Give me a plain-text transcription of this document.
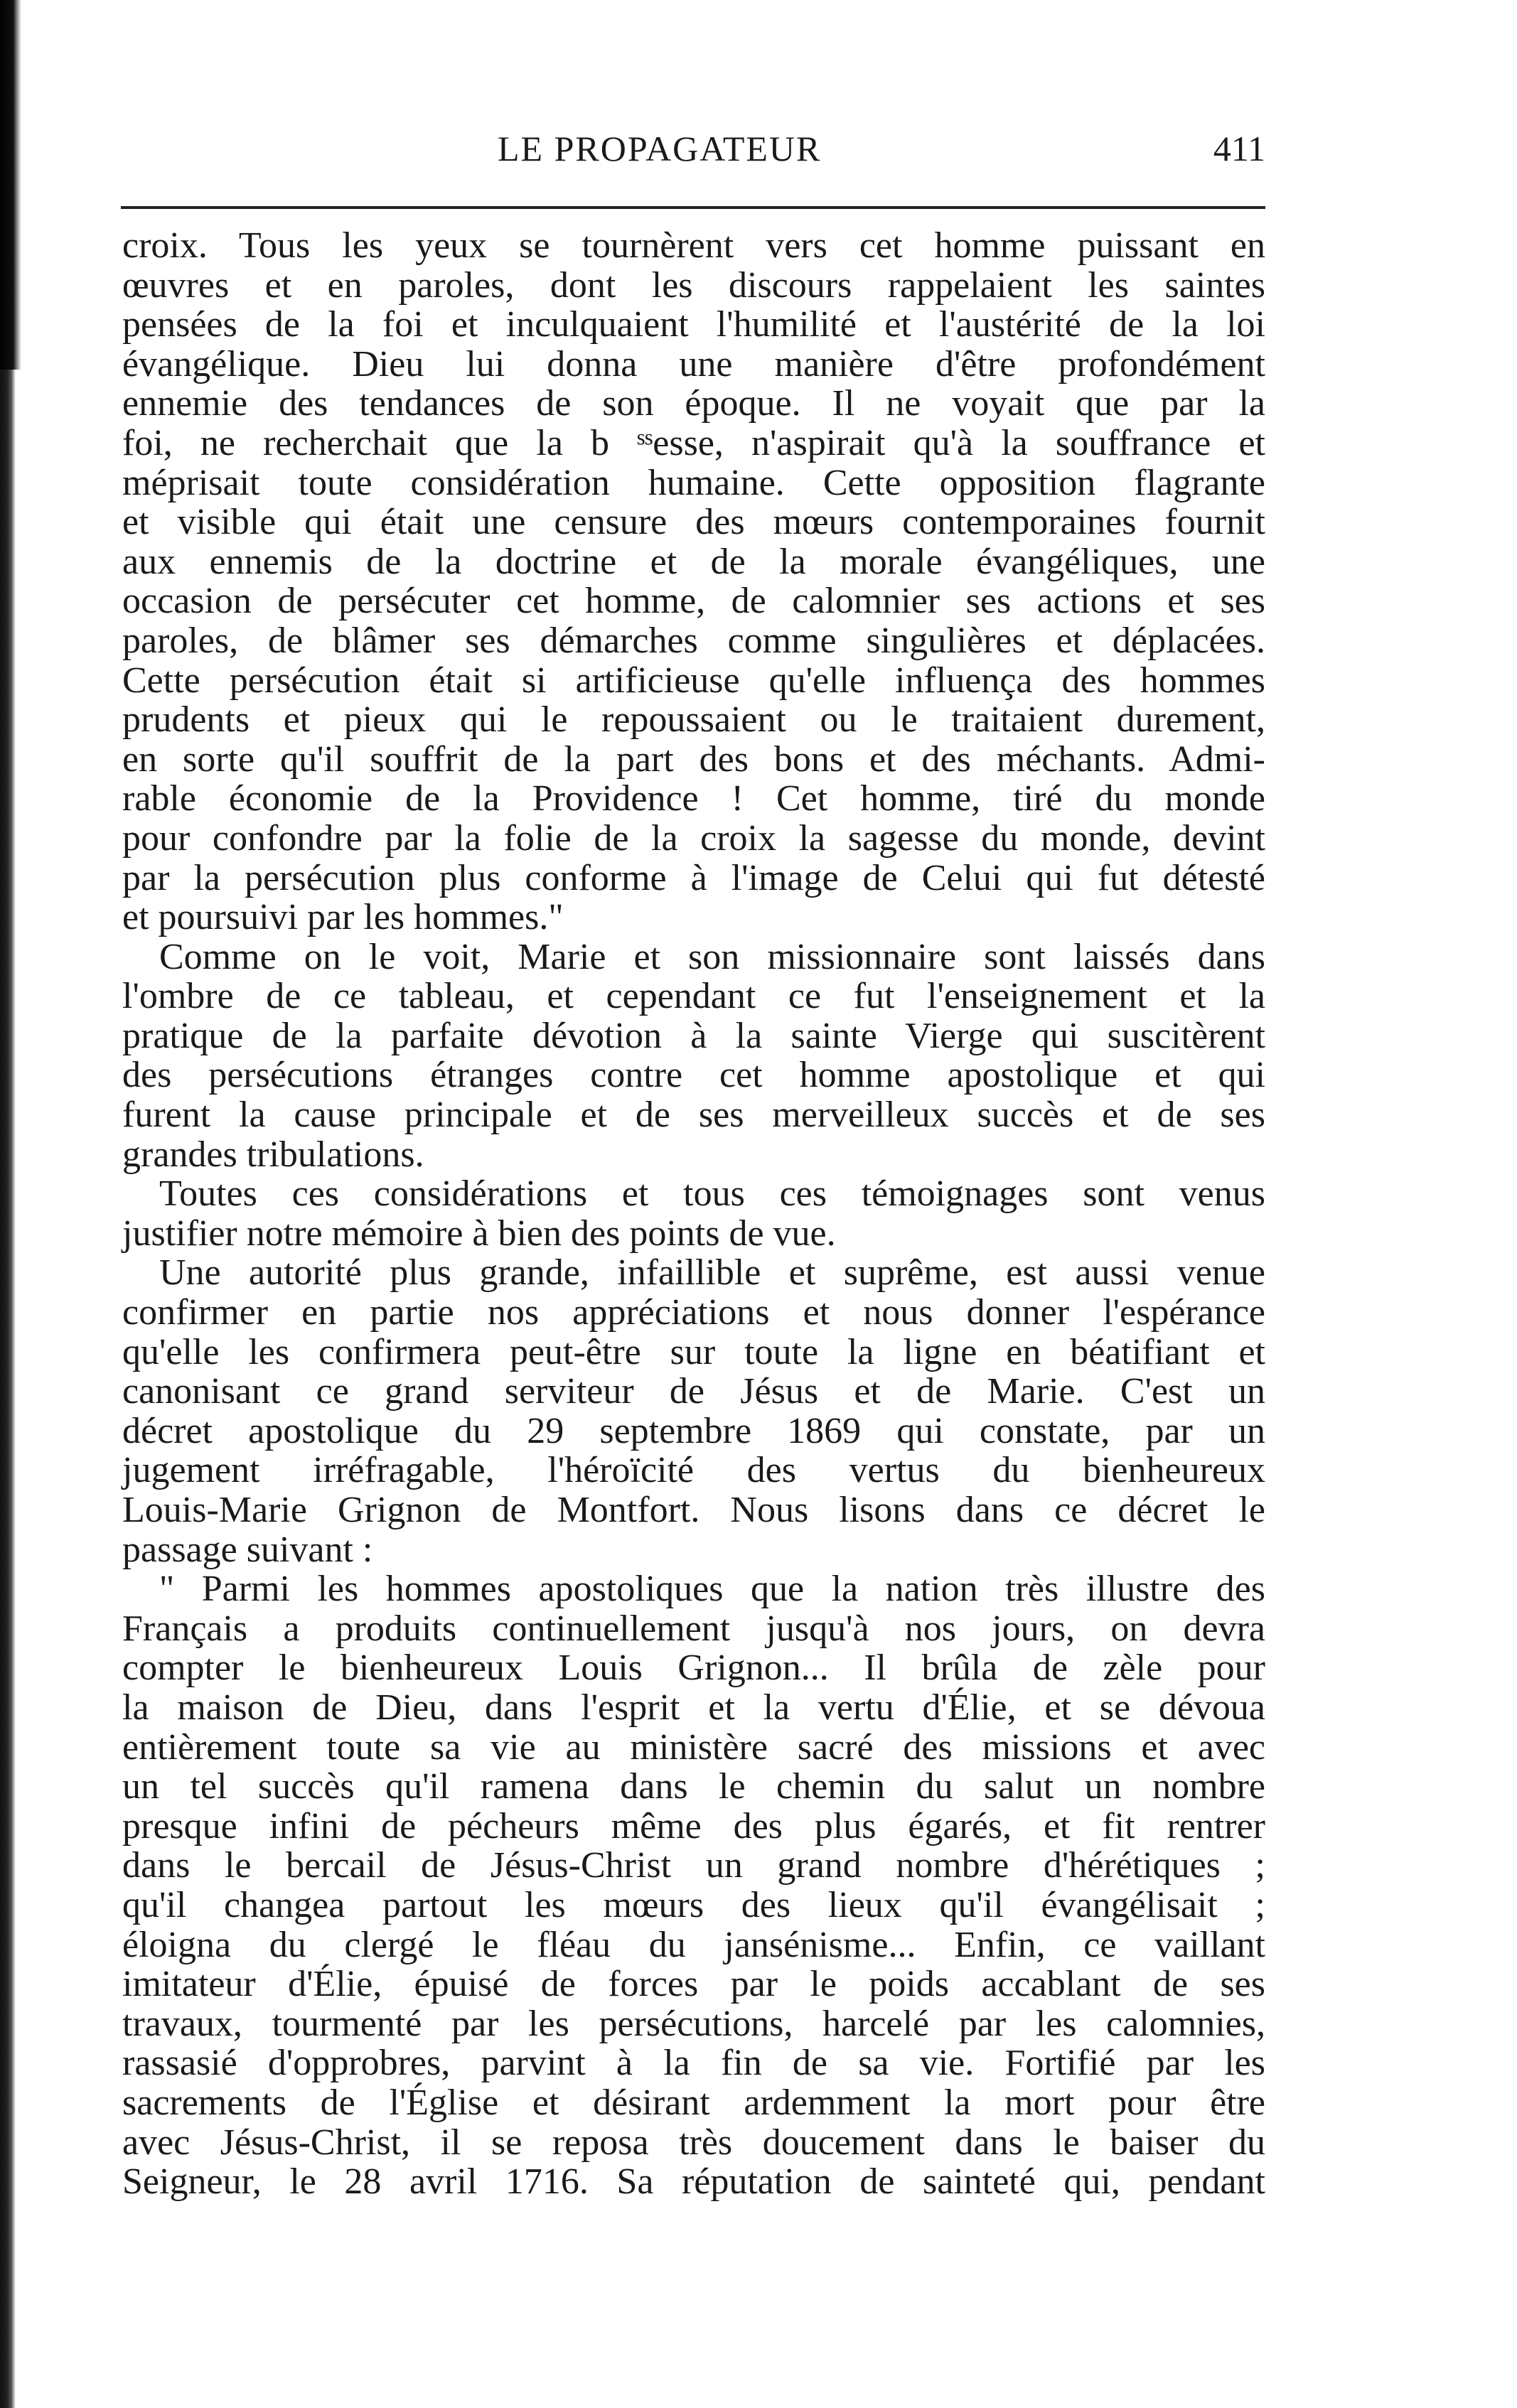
LE PROPAGATEUR	411
croix. Tous les yeux se tournèrent vers cet homme puissant en
œuvres et en paroles, dont les discours rappelaient les saintes
pensées de la foi et inculquaient l'humilité et l'austérité de la loi
évangélique. Dieu lui donna une manière d'être profondément
ennemie des tendances de son époque. Il ne voyait que par la
foi, ne recherchait que la b ˢˢesse, n'aspirait qu'à la souffrance et
méprisait toute considération humaine. Cette opposition flagrante
et visible qui était une censure des mœurs contemporaines fournit
aux ennemis de la doctrine et de la morale évangéliques, une
occasion de persécuter cet homme, de calomnier ses actions et ses
paroles, de blâmer ses démarches comme singulières et déplacées.
Cette persécution était si artificieuse qu'elle influença des hommes
prudents et pieux qui le repoussaient ou le traitaient durement,
en sorte qu'il souffrit de la part des bons et des méchants. Admi-
rable économie de la Providence ! Cet homme, tiré du monde
pour confondre par la folie de la croix la sagesse du monde, devint
par la persécution plus conforme à l'image de Celui qui fut détesté
et poursuivi par les hommes."
Comme on le voit, Marie et son missionnaire sont laissés dans
l'ombre de ce tableau, et cependant ce fut l'enseignement et la
pratique de la parfaite dévotion à la sainte Vierge qui suscitèrent
des persécutions étranges contre cet homme apostolique et qui
furent la cause principale et de ses merveilleux succès et de ses
grandes tribulations.
Toutes ces considérations et tous ces témoignages sont venus
justifier notre mémoire à bien des points de vue.
Une autorité plus grande, infaillible et suprême, est aussi venue
confirmer en partie nos appréciations et nous donner l'espérance
qu'elle les confirmera peut-être sur toute la ligne en béatifiant et
canonisant ce grand serviteur de Jésus et de Marie. C'est un
décret apostolique du 29 septembre 1869 qui constate, par un
jugement irréfragable, l'héroïcité des vertus du bienheureux
Louis-Marie Grignon de Montfort. Nous lisons dans ce décret le
passage suivant :
" Parmi les hommes apostoliques que la nation très illustre des
Français a produits continuellement jusqu'à nos jours, on devra
compter le bienheureux Louis Grignon... Il brûla de zèle pour
la maison de Dieu, dans l'esprit et la vertu d'Élie, et se dévoua
entièrement toute sa vie au ministère sacré des missions et avec
un tel succès qu'il ramena dans le chemin du salut un nombre
presque infini de pécheurs même des plus égarés, et fit rentrer
dans le bercail de Jésus-Christ un grand nombre d'hérétiques ;
qu'il changea partout les mœurs des lieux qu'il évangélisait ;
éloigna du clergé le fléau du jansénisme... Enfin, ce vaillant
imitateur d'Élie, épuisé de forces par le poids accablant de ses
travaux, tourmenté par les persécutions, harcelé par les calomnies,
rassasié d'opprobres, parvint à la fin de sa vie. Fortifié par les
sacrements de l'Église et désirant ardemment la mort pour être
avec Jésus-Christ, il se reposa très doucement dans le baiser du
Seigneur, le 28 avril 1716. Sa réputation de sainteté qui, pendant
